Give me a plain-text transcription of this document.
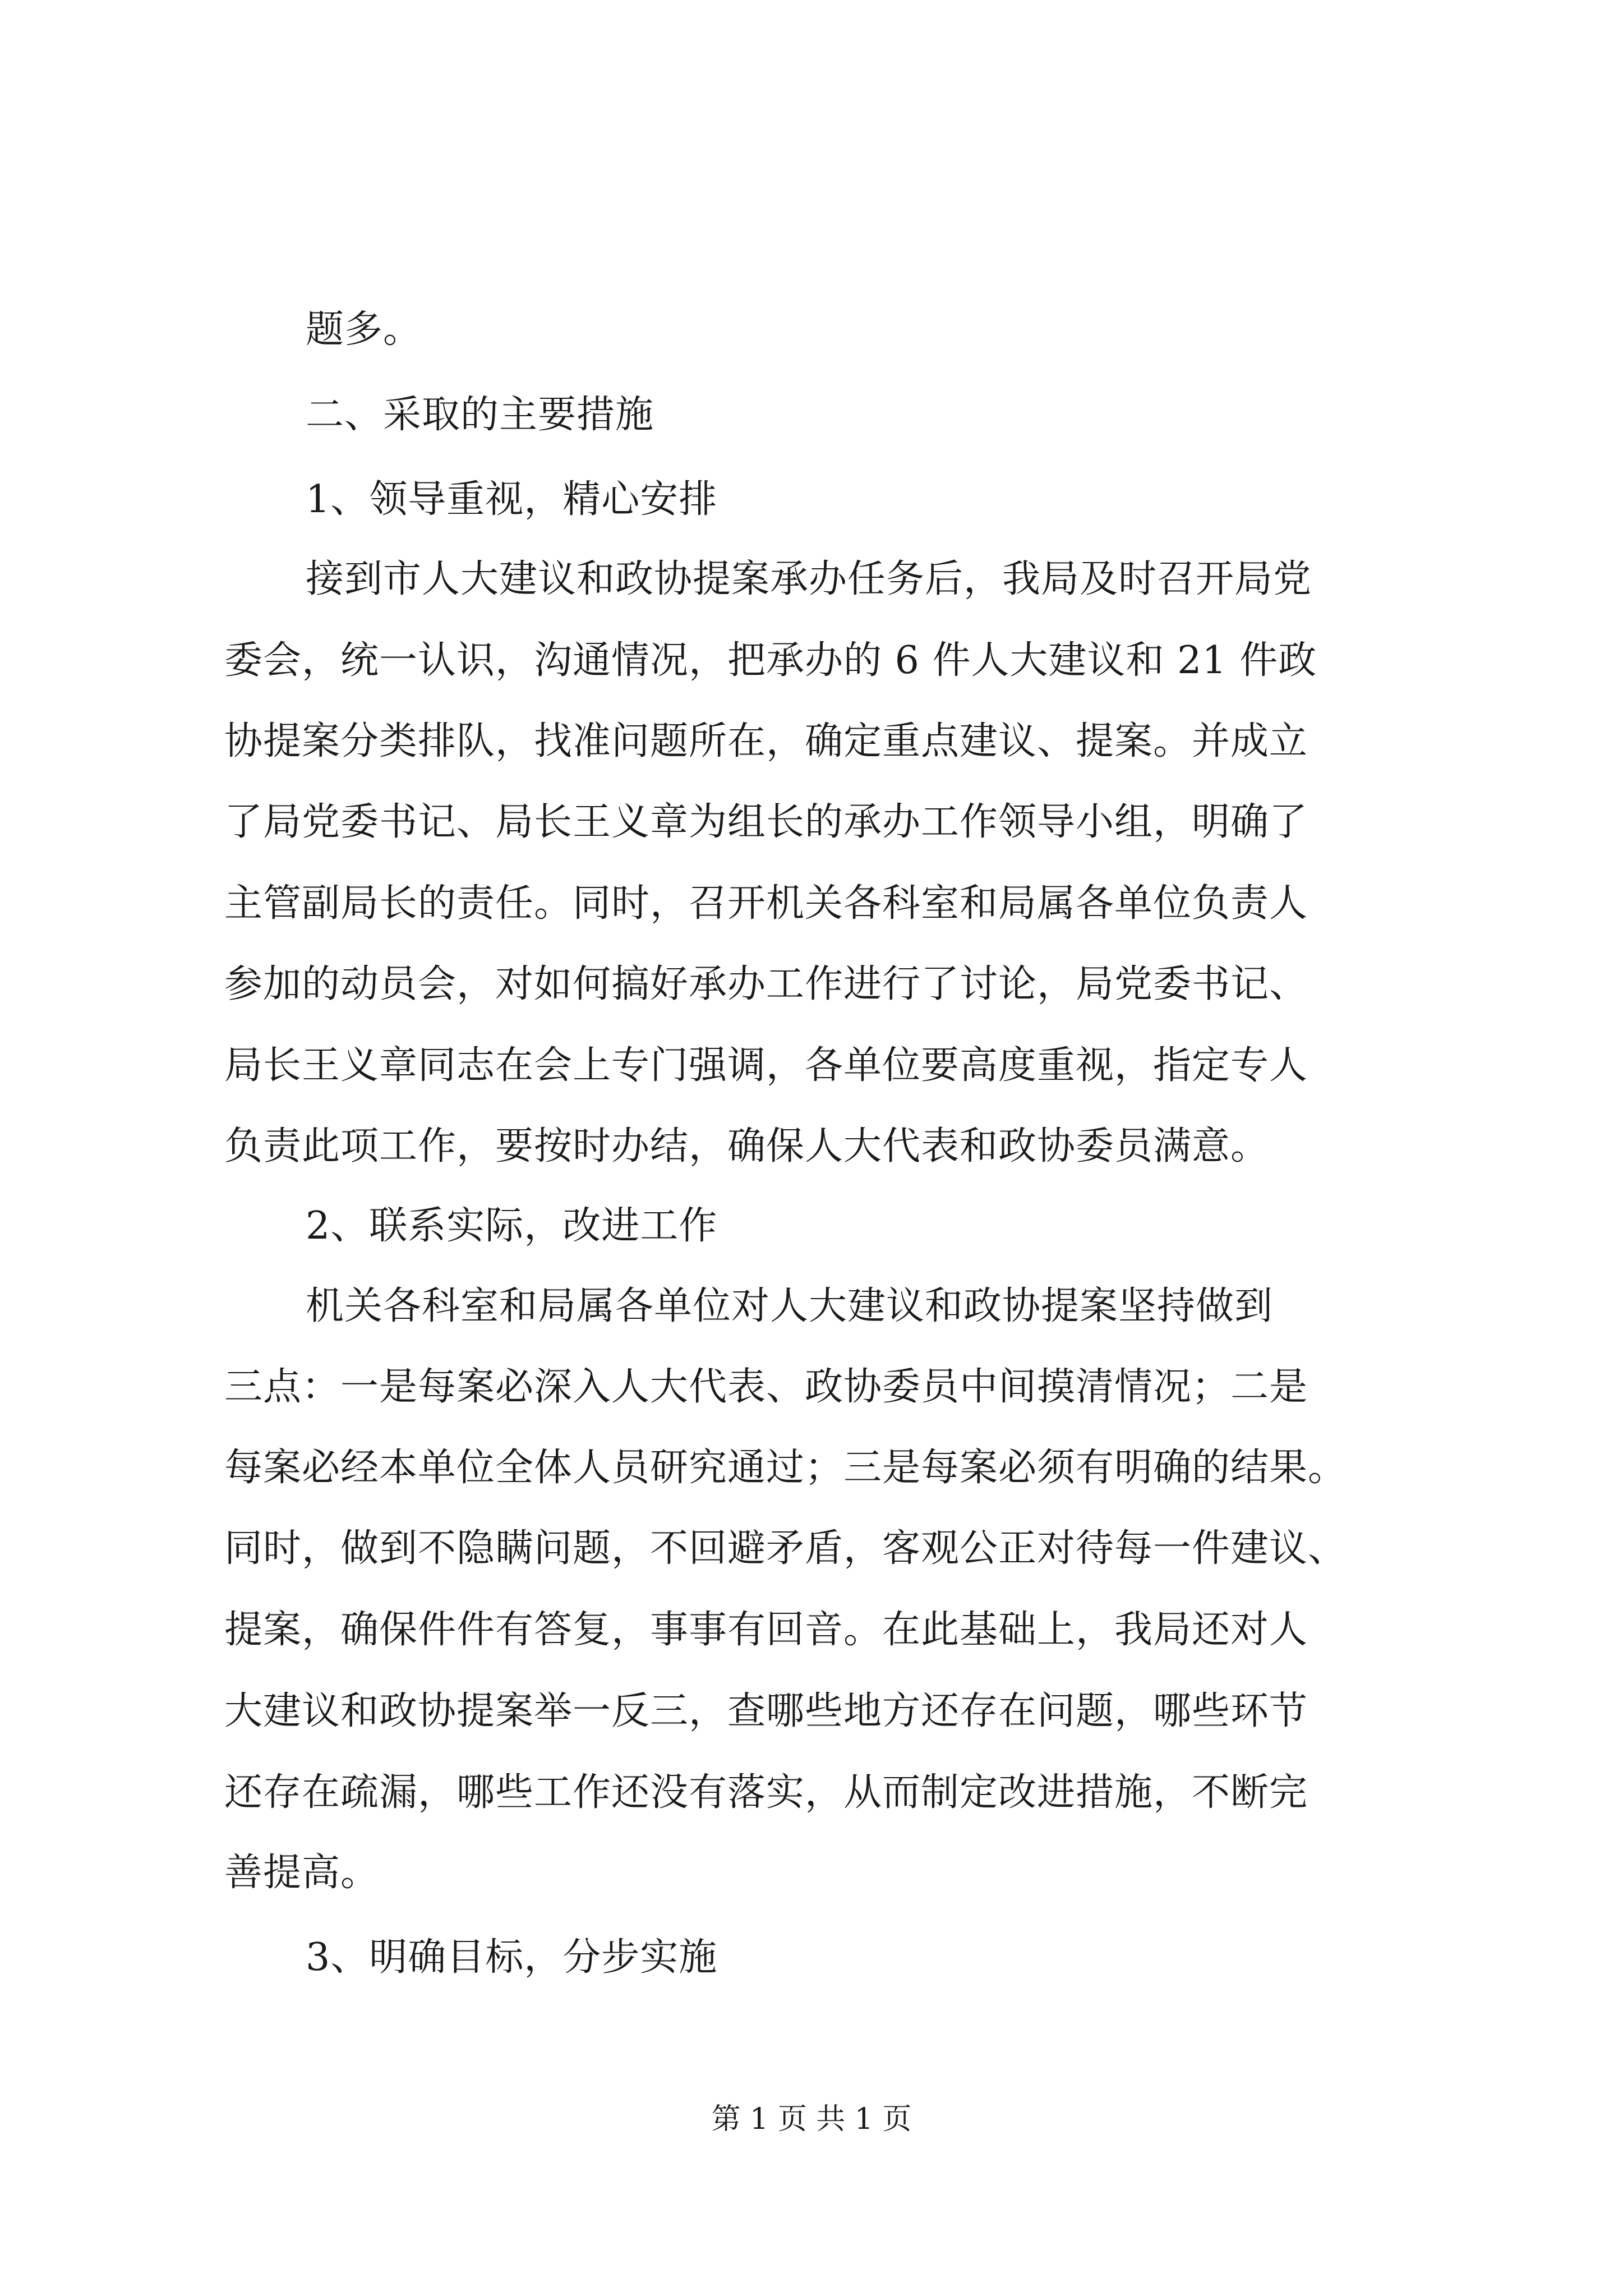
题多。

二、采取的主要措施

1、领导重视，精心安排

接到市人大建议和政协提案承办任务后，我局及时召开局党

委会，统一认识，沟通情况，把承办的 6 件人大建议和 21 件政

协提案分类排队，找准问题所在，确定重点建议、提案。并成立

了局党委书记、局长王义章为组长的承办工作领导小组，明确了

主管副局长的责任。同时，召开机关各科室和局属各单位负责人

参加的动员会，对如何搞好承办工作进行了讨论，局党委书记、

局长王义章同志在会上专门强调，各单位要高度重视，指定专人

负责此项工作，要按时办结，确保人大代表和政协委员满意。

2、联系实际，改进工作

机关各科室和局属各单位对人大建议和政协提案坚持做到

三点：一是每案必深入人大代表、政协委员中间摸清情况；二是

每案必经本单位全体人员研究通过；三是每案必须有明确的结果。

同时，做到不隐瞒问题，不回避矛盾，客观公正对待每一件建议、

提案，确保件件有答复，事事有回音。在此基础上，我局还对人

大建议和政协提案举一反三，查哪些地方还存在问题，哪些环节

还存在疏漏，哪些工作还没有落实，从而制定改进措施，不断完

善提高。

3、明确目标，分步实施

第 1 页 共 1 页
